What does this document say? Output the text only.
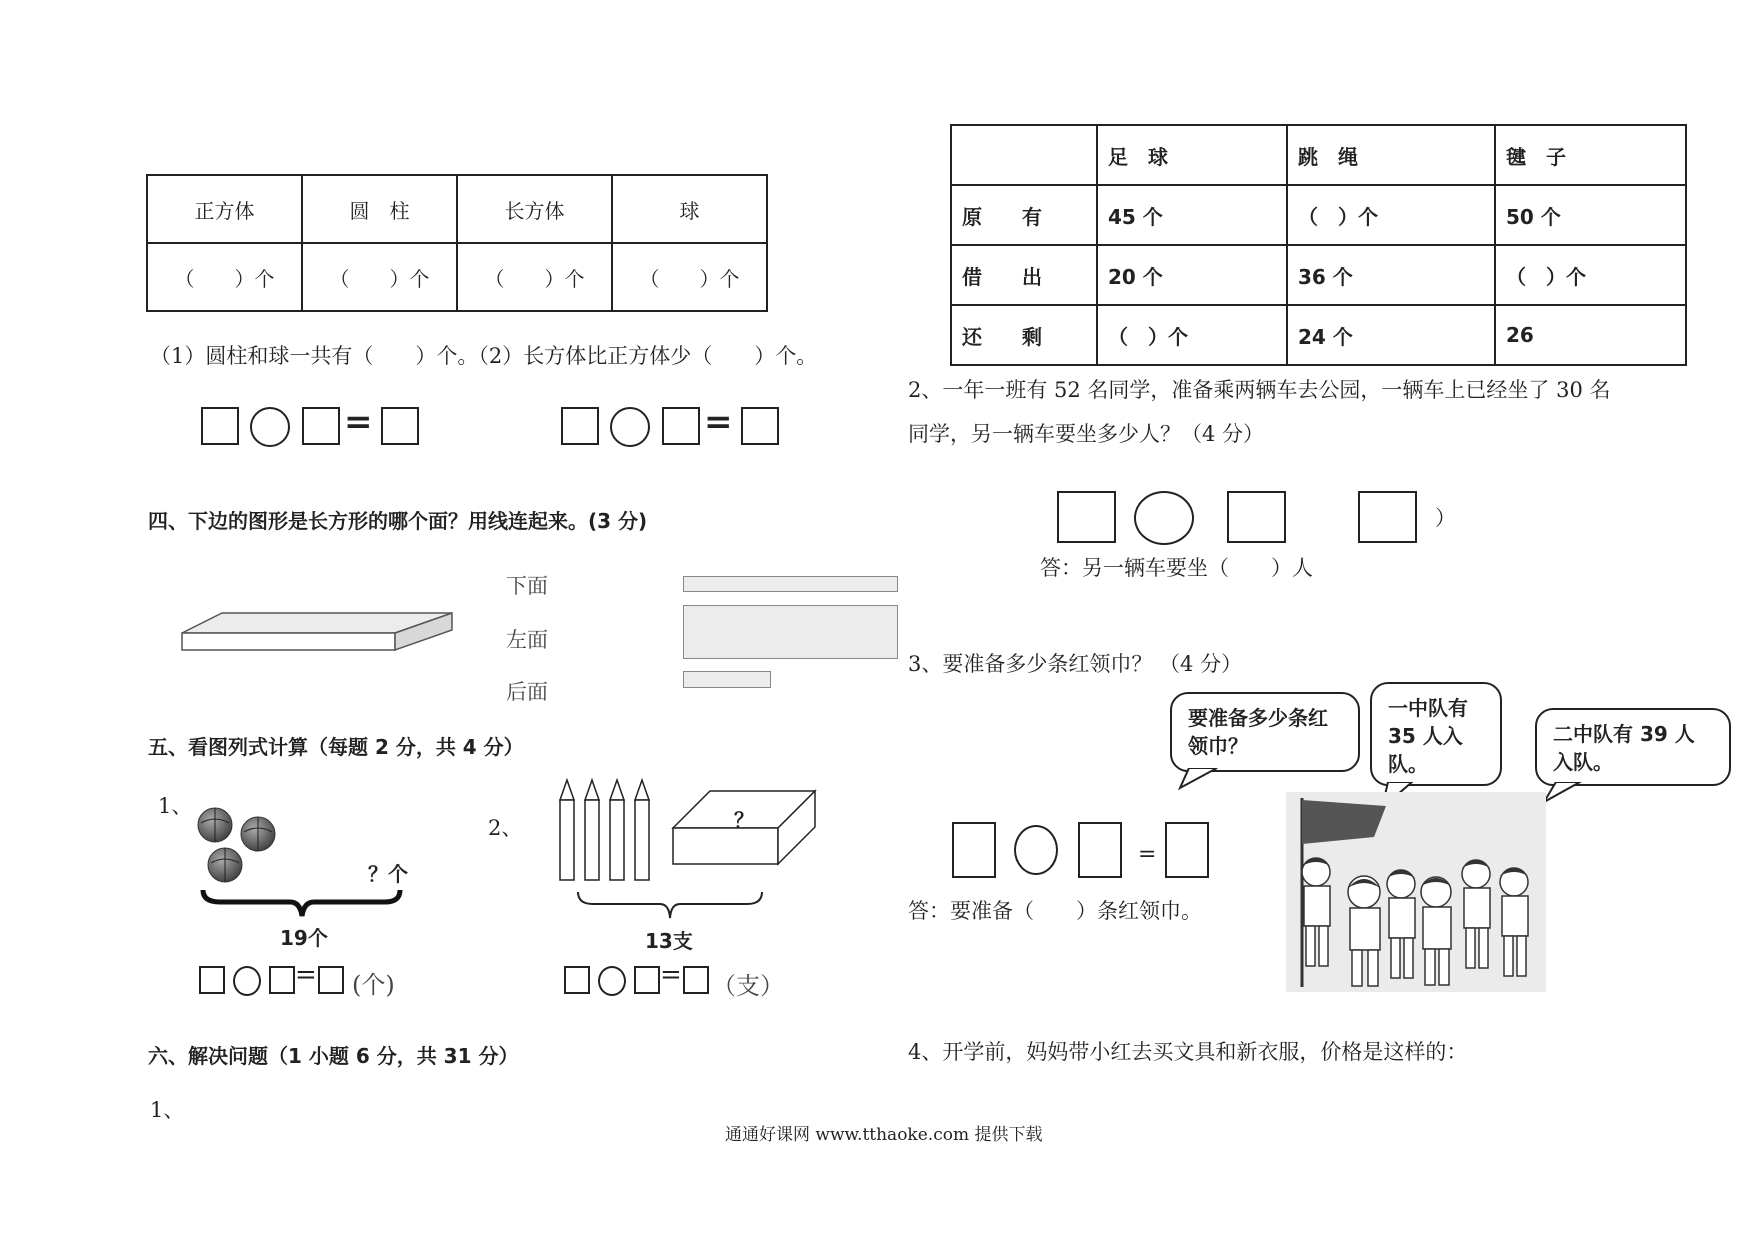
正方体	圆　柱	长方体	球
（　　）个	（　　）个	（　　）个	（　　）个
（1）圆柱和球一共有（　　）个。（2）长方体比正方体少（　　）个。
=	=
四、下边的图形是长方形的哪个面？用线连起来。(3 分)
下面
左面
后面
五、看图列式计算（每题 2 分，共 4 分）
1、
？个
19个
= (个)
2、	？
13支
= （支）
六、解决问题（1 小题 6 分，共 31 分）
1、
	足　球	跳　绳	毽　子
原　　有	45 个	（　）个	50 个
借　　出	20 个	36 个	（　）个
还　　剩	（　）个	24 个	26
2、一年一班有 52 名同学，准备乘两辆车去公园，一辆车上已经坐了 30 名
同学，另一辆车要坐多少人？（4 分）
）
答：另一辆车要坐（　　）人
3、要准备多少条红领巾？ （4 分）
要准备多少条红领巾？
一中队有 35 人入队。
二中队有 39 人入队。
=
答：要准备（　　）条红领巾。
4、开学前，妈妈带小红去买文具和新衣服，价格是这样的：
通通好课网 www.tthaoke.com 提供下载
